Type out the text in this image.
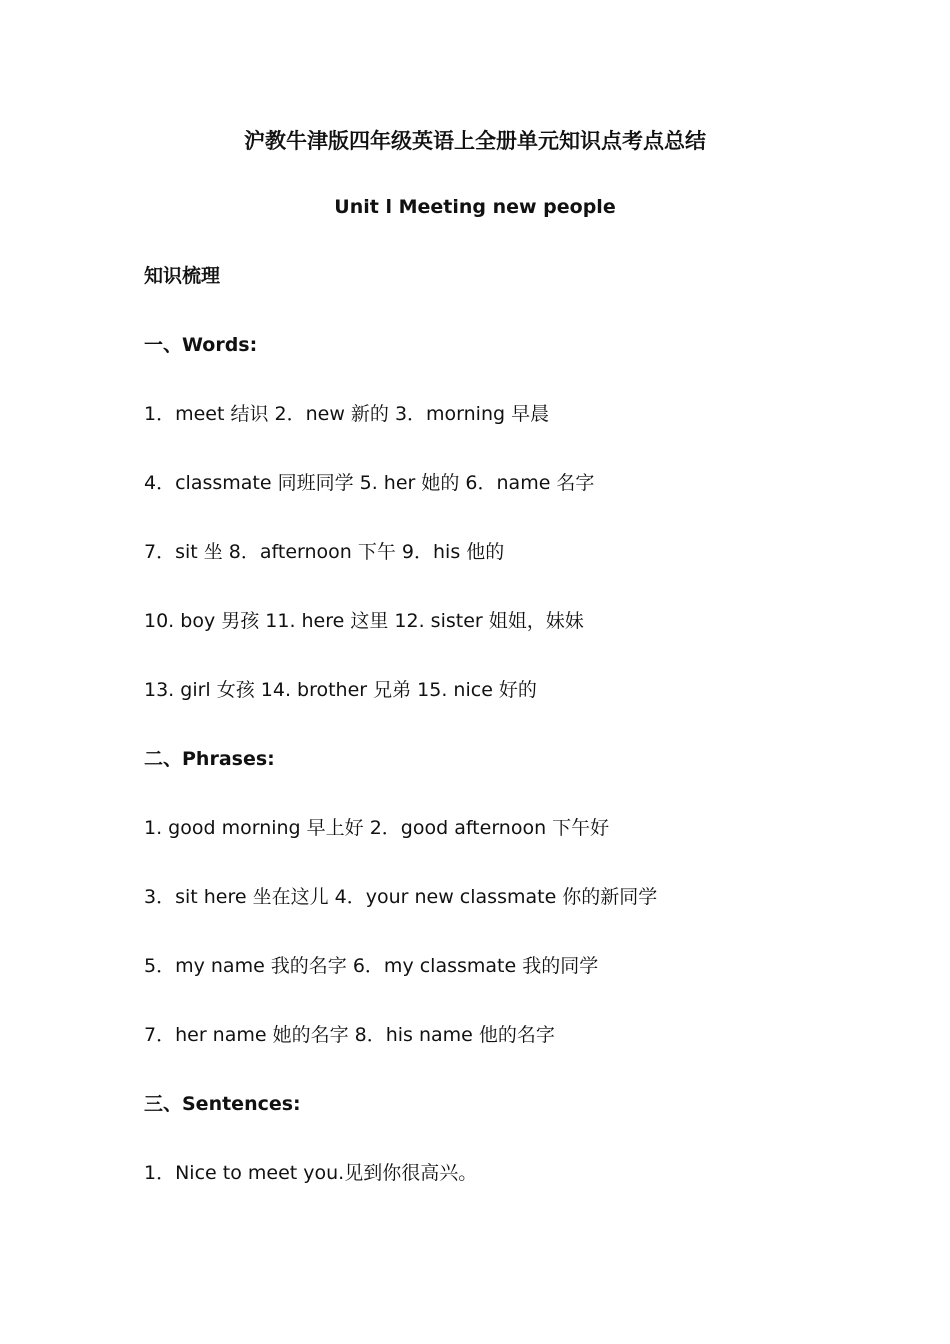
沪教牛津版四年级英语上全册单元知识点考点总结
Unit l Meeting new people
知识梳理
一、Words:
1．meet 结识 2．new 新的 3．morning 早晨
4．classmate 同班同学 5. her 她的 6．name 名字
7．sit 坐 8．afternoon 下午 9．his 他的
10. boy 男孩 11. here 这里 12. sister 姐姐，妹妹
13. girl 女孩 14. brother 兄弟 15. nice 好的
二、Phrases:
1. good morning 早上好 2．good afternoon 下午好
3．sit here 坐在这儿 4．your new classmate 你的新同学
5．my name 我的名字 6．my classmate 我的同学
7．her name 她的名字 8．his name 他的名字
三、Sentences:
1．Nice to meet you.见到你很高兴。
